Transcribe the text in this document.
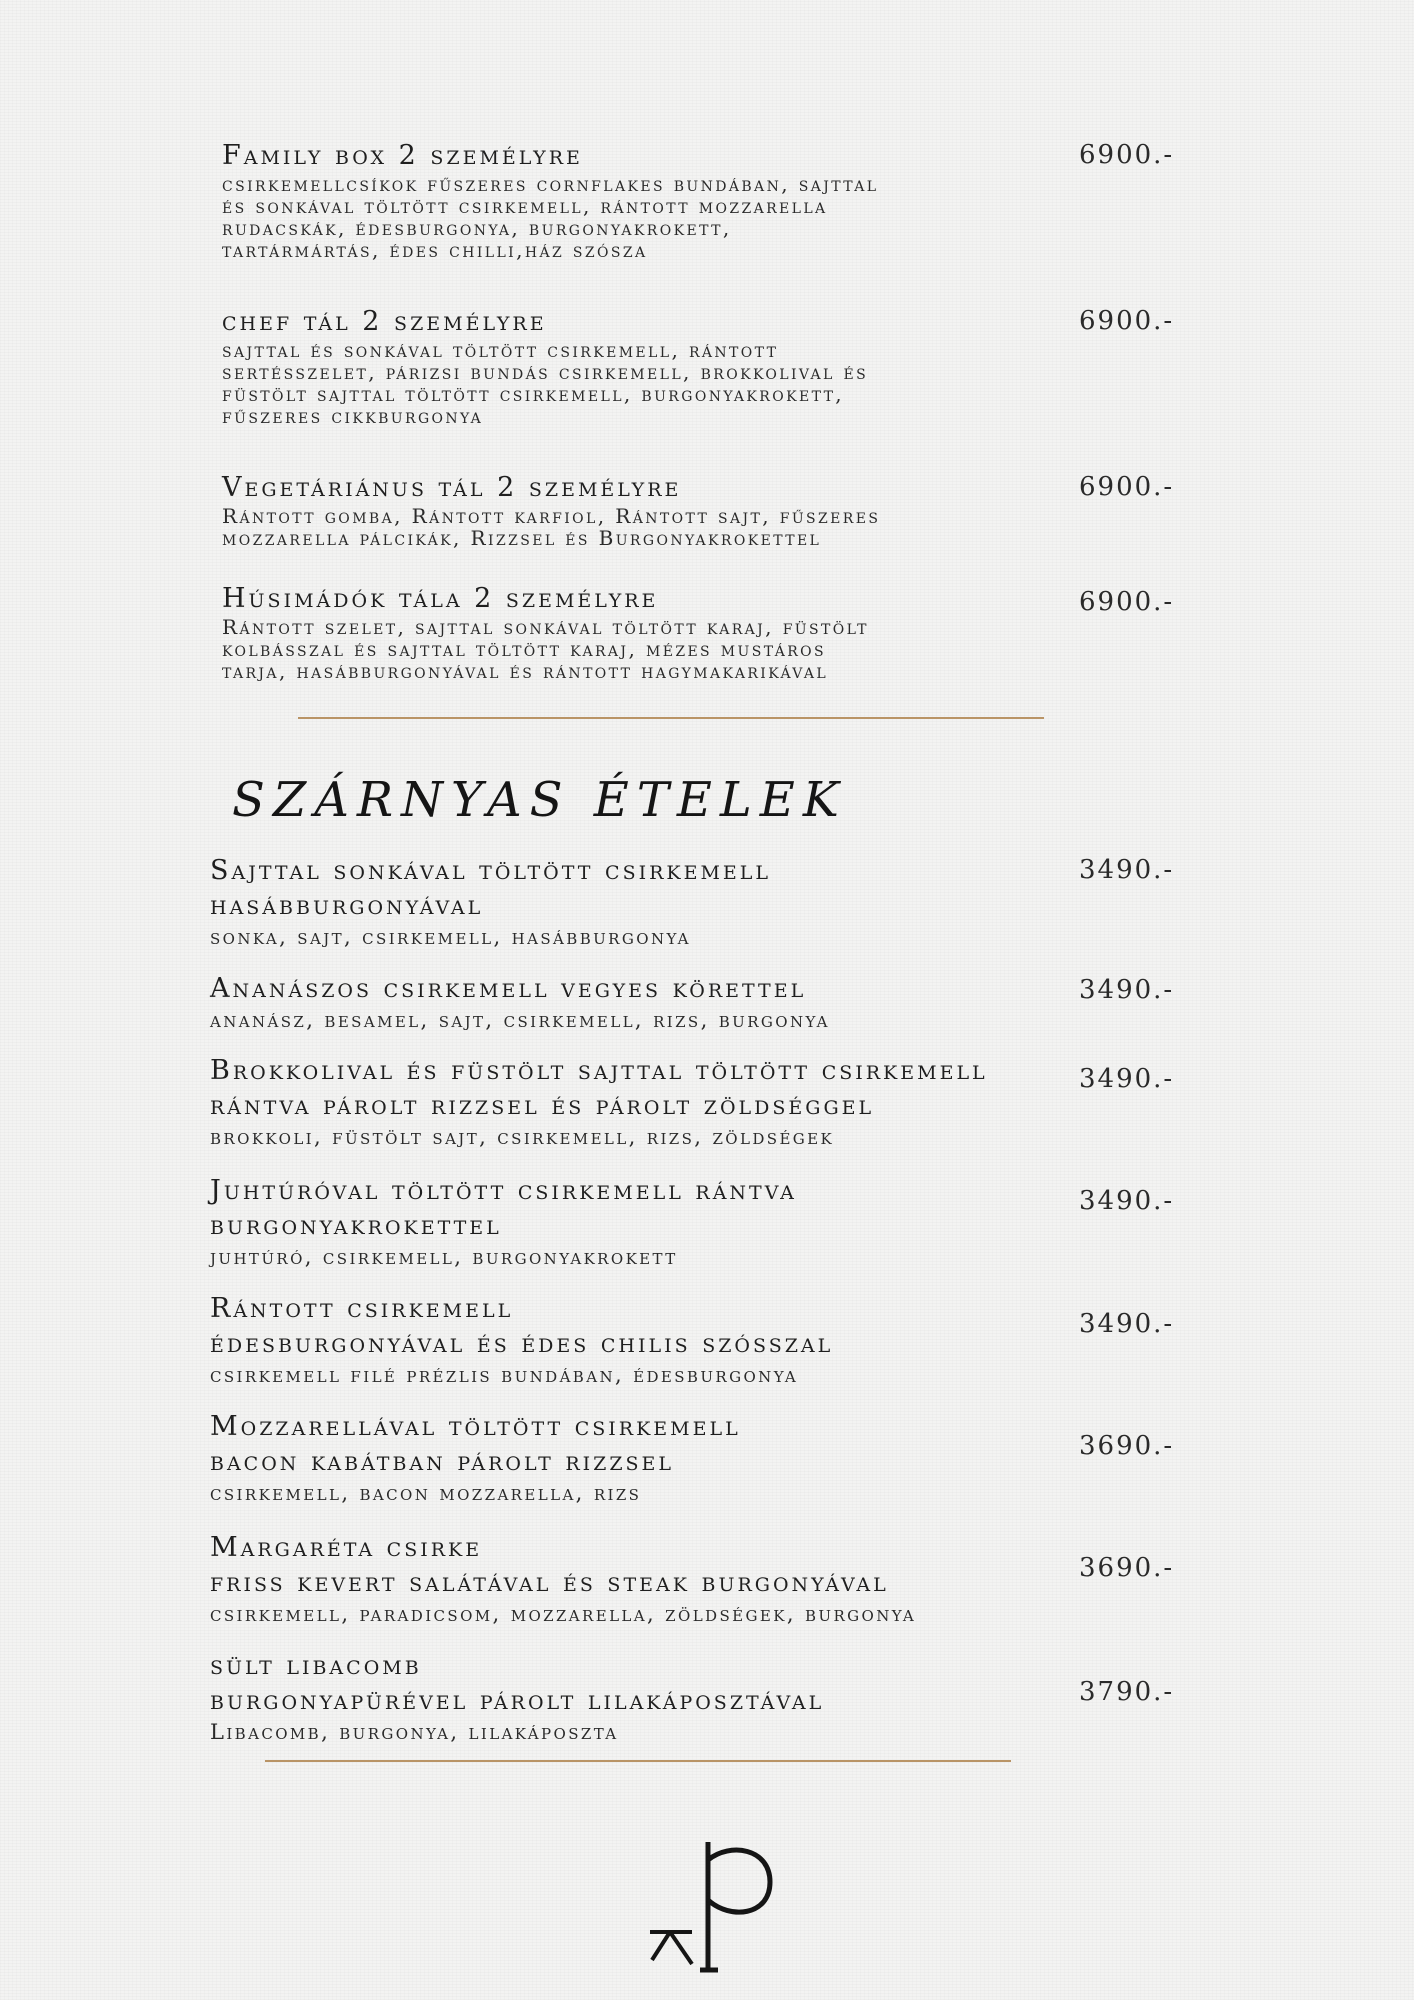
Family box 2 személyre
csirkemellcsíkok fűszeres cornflakes bundában, sajttal
és sonkával töltött csirkemell, rántott mozzarella
rudacskák, édesburgonya, burgonyakrokett,
tartármártás, édes chilli,ház szósza
6900.-
chef tál 2 személyre
sajttal és sonkával töltött csirkemell, rántott
sertésszelet, párizsi bundás csirkemell, brokkolival és
füstölt sajttal töltött csirkemell, burgonyakrokett,
fűszeres cikkburgonya
6900.-
Vegetáriánus tál 2 személyre
Rántott gomba, Rántott karfiol, Rántott sajt, fűszeres
mozzarella pálcikák, Rizzsel és Burgonyakrokettel
6900.-
Húsimádók tála 2 személyre
Rántott szelet, sajttal sonkával töltött karaj, füstölt
kolbásszal és sajttal töltött karaj, mézes mustáros
tarja, hasábburgonyával és rántott hagymakarikával
6900.-
SZÁRNYAS ÉTELEK
Sajttal sonkával töltött csirkemell
hasábburgonyával
sonka, sajt, csirkemell, hasábburgonya
3490.-
Ananászos csirkemell vegyes körettel
ananász, besamel, sajt, csirkemell, rizs, burgonya
3490.-
Brokkolival és füstölt sajttal töltött csirkemell
rántva párolt rizzsel és párolt zöldséggel
brokkoli, füstölt sajt, csirkemell, rizs, zöldségek
3490.-
Juhtúróval töltött csirkemell rántva
burgonyakrokettel
juhtúró, csirkemell, burgonyakrokett
3490.-
Rántott csirkemell
édesburgonyával és édes chilis szósszal
csirkemell filé prézlis bundában, édesburgonya
3490.-
Mozzarellával töltött csirkemell
bacon kabátban párolt rizzsel
csirkemell, bacon mozzarella, rizs
3690.-
Margaréta csirke
friss kevert salátával és steak burgonyával
csirkemell, paradicsom, mozzarella, zöldségek, burgonya
3690.-
sült libacomb
burgonyapürével párolt lilakáposztával
Libacomb, burgonya, lilakáposzta
3790.-
